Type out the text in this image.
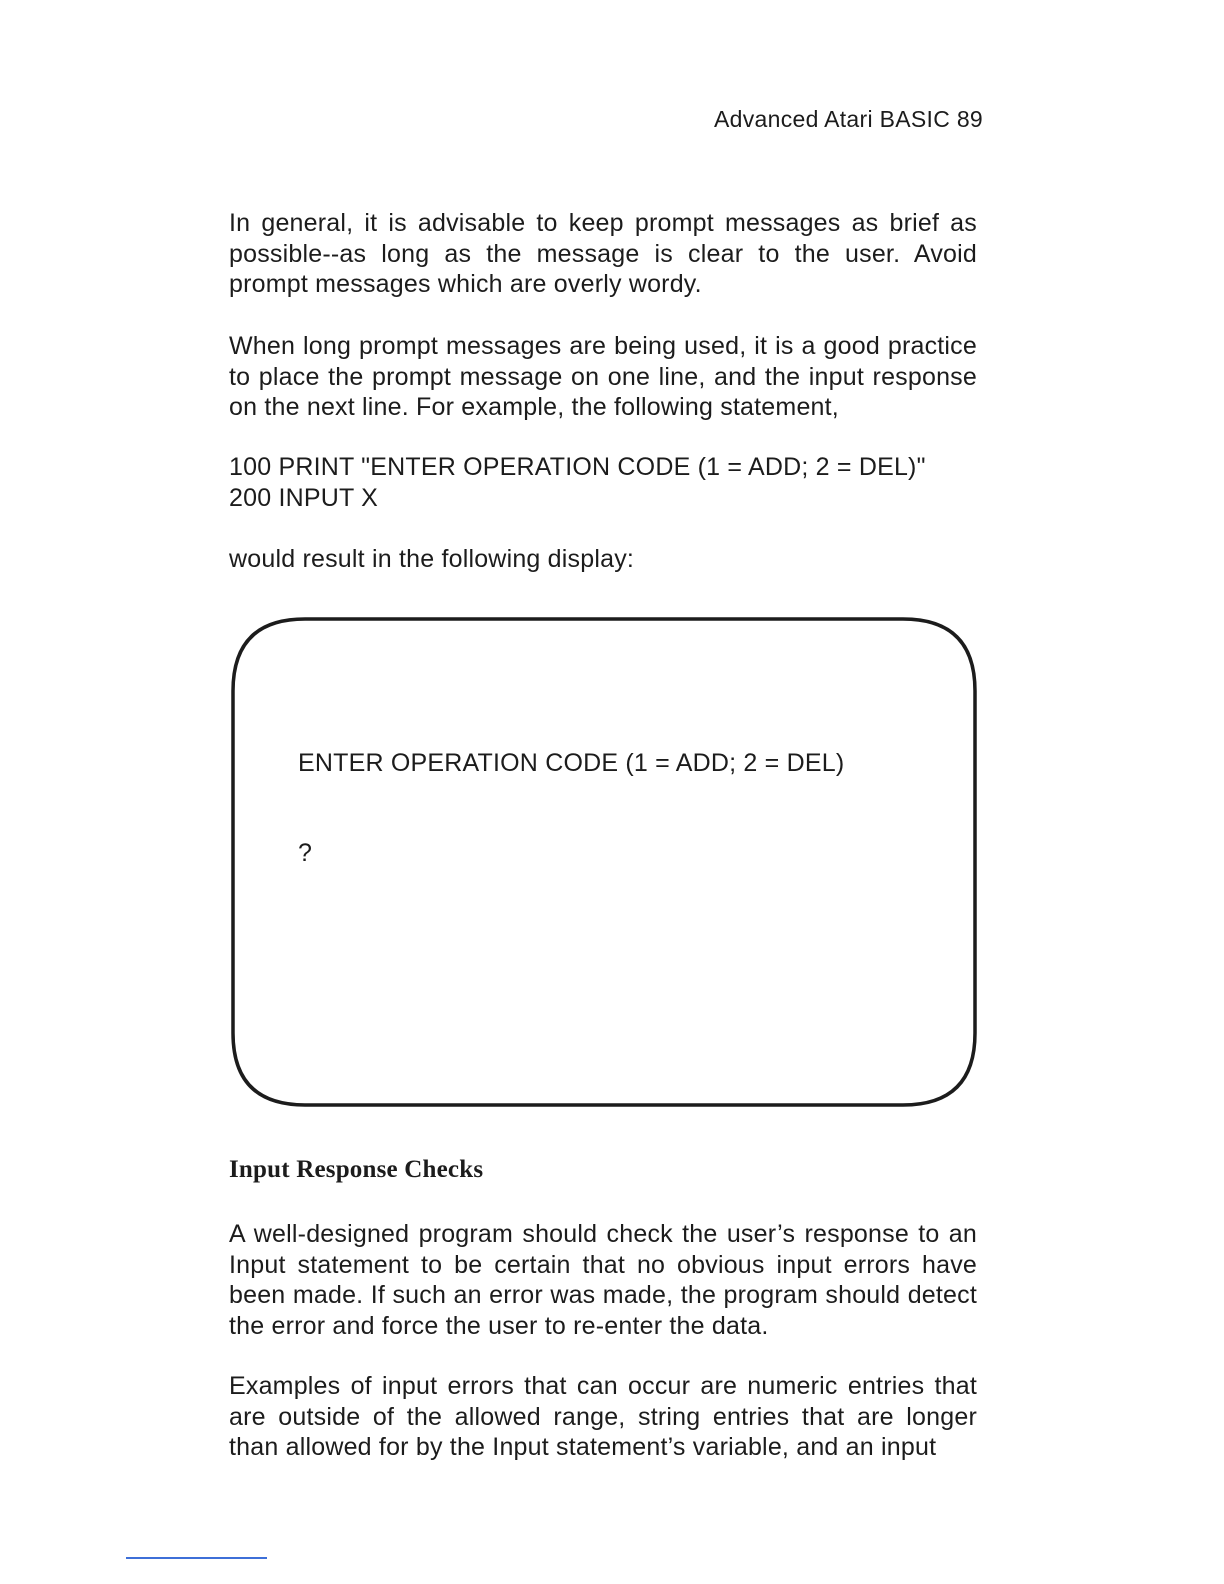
Advanced Atari BASIC 89

In general, it is advisable to keep prompt messages as brief as possible--as long as the message is clear to the user. Avoid prompt messages which are overly wordy.

When long prompt messages are being used, it is a good practice to place the prompt message on one line, and the input response on the next line. For example, the following statement,

100 PRINT "ENTER OPERATION CODE (1 = ADD; 2 = DEL)"

200 INPUT X

would result in the following display:

ENTER OPERATION CODE (1 = ADD; 2 = DEL)

?

Input Response Checks

A well-designed program should check the user’s response to an Input statement to be certain that no obvious input errors have been made. If such an error was made, the program should detect the error and force the user to re-enter the data.

Examples of input errors that can occur are numeric entries that are outside of the allowed range, string entries that are longer than allowed for by the Input statement’s variable, and an input
